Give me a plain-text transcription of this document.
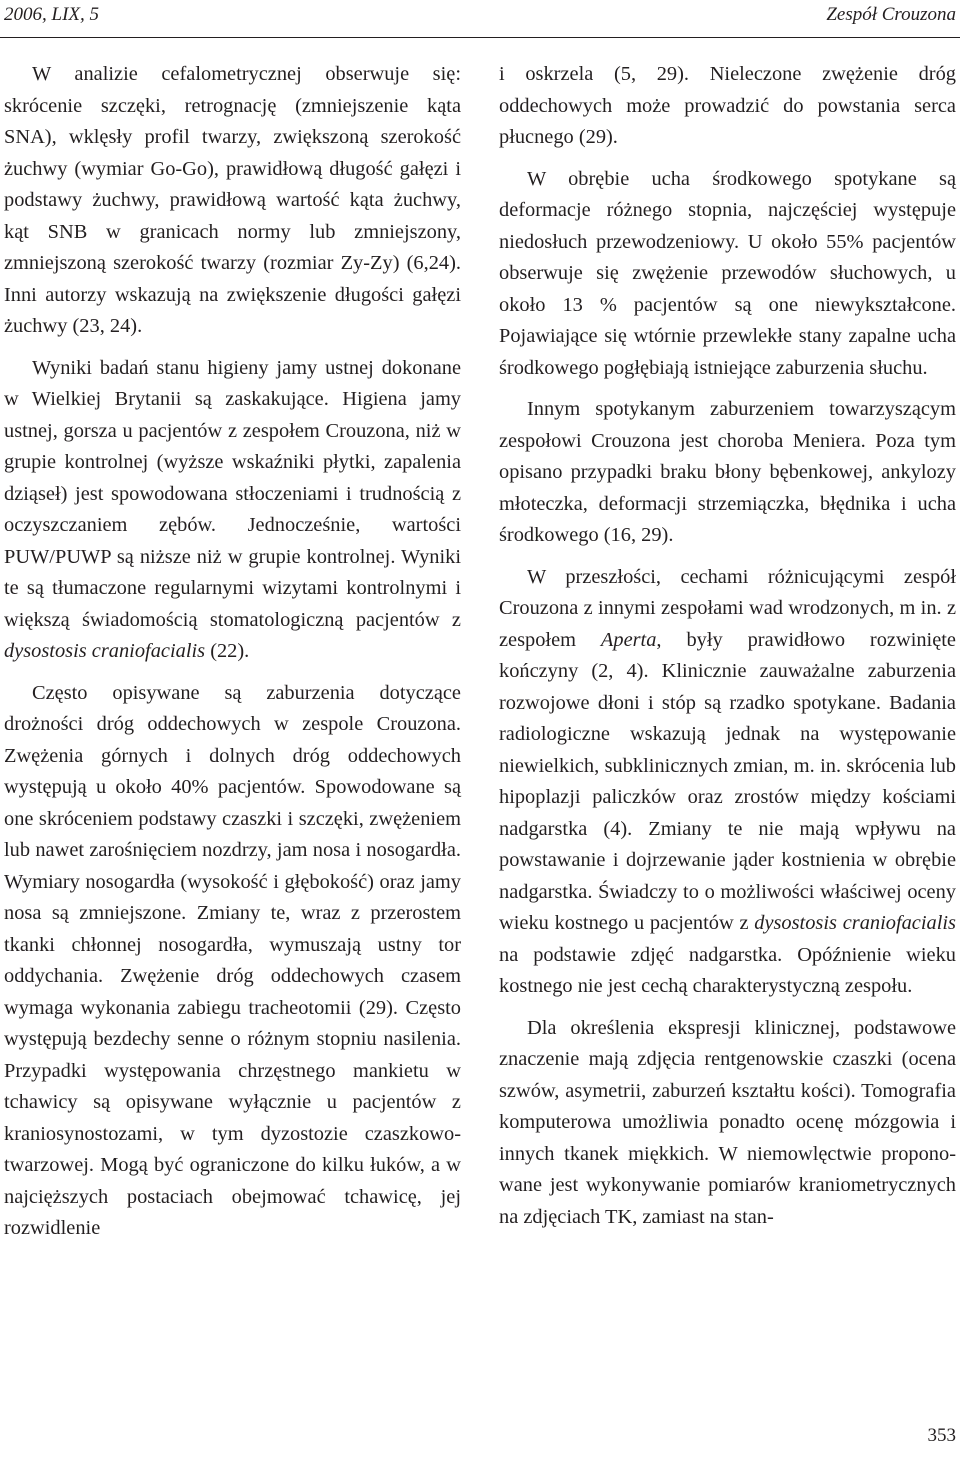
2006, LIX, 5	Zespół Crouzona

W analizie cefalometrycznej obserwuje się: skrócenie szczęki, retrognację (zmniejszenie kąta SNA), wklęsły profil twarzy, zwiększoną szerokość żuchwy (wymiar Go-Go), prawidłową długość gałęzi i podstawy żuchwy, prawidłową wartość kąta żuchwy, kąt SNB w granicach normy lub zmniejszony, zmniejszoną szerokość twarzy (rozmiar Zy-Zy) (6,24). Inni autorzy wskazują na zwiększenie długości gałęzi żuchwy (23, 24).

Wyniki badań stanu higieny jamy ustnej dokonane w Wielkiej Brytanii są zaskakujące. Higiena jamy ustnej, gorsza u pacjentów z zespołem Crouzona, niż w grupie kontrolnej (wyższe wskaźniki płytki, zapalenia dziąseł) jest spowodowana stłoczeniami i trudnością z oczyszczaniem zębów. Jednocześnie, wartości PUW/PUWP są niższe niż w grupie kontrolnej. Wyniki te są tłumaczone regularnymi wizytami kontrolnymi i większą świadomością stomatologiczną pacjentów z dysostosis craniofacialis (22).

Często opisywane są zaburzenia dotyczące drożności dróg oddechowych w zespole Crouzona. Zwężenia górnych i dolnych dróg oddechowych występują u około 40% pacjentów. Spowodowane są one skróceniem podstawy czaszki i szczęki, zwężeniem lub nawet zarośnięciem nozdrzy, jam nosa i nosogardła. Wymiary nosogardła (wysokość i głębokość) oraz jamy nosa są zmniejszone. Zmiany te, wraz z przerostem tkanki chłonnej nosogardła, wymuszają ustny tor oddychania. Zwężenie dróg oddechowych czasem wymaga wykonania zabiegu tracheotomii (29). Często występują bezdechy senne o różnym stopniu nasilenia. Przypadki występowania chrzęstnego mankietu w tchawicy są opisywane wyłącznie u pacjentów z kraniosynostozami, w tym dyzostozie czaszkowo-twarzowej. Mogą być ograniczone do kilku łuków, a w najcięższych postaciach obejmować tchawicę, jej rozwidlenie

i oskrzela (5, 29). Nieleczone zwężenie dróg oddechowych może prowadzić do powstania serca płucnego (29).

W obrębie ucha środkowego spotykane są deformacje różnego stopnia, najczęściej występuje niedosłuch przewodzeniowy. U około 55% pacjentów obserwuje się zwężenie przewodów słuchowych, u około 13 % pacjentów są one niewykształcone. Pojawiające się wtórnie przewlekłe stany zapalne ucha środkowego pogłębiają istniejące zaburzenia słuchu.

Innym spotykanym zaburzeniem towarzyszącym zespołowi Crouzona jest choroba Meniera. Poza tym opisano przypadki braku błony bębenkowej, ankylozy młoteczka, deformacji strzemiączka, błędnika i ucha środkowego (16, 29).

W przeszłości, cechami różnicującymi zespół Crouzona z innymi zespołami wad wrodzonych, m in. z zespołem Aperta, były prawidłowo rozwinięte kończyny (2, 4). Klinicznie zauważalne zaburzenia rozwojowe dłoni i stóp są rzadko spotykane. Badania radiologiczne wskazują jednak na występowanie niewielkich, subklinicznych zmian, m. in. skrócenia lub hipoplazji paliczków oraz zrostów między kościami nadgarstka (4). Zmiany te nie mają wpływu na powstawanie i dojrzewanie jąder kostnienia w obrębie nadgarstka. Świadczy to o możliwości właściwej oceny wieku kostnego u pacjentów z dysostosis craniofacialis na podstawie zdjęć nadgarstka. Opóźnienie wieku kostnego nie jest cechą charakterystyczną zespołu.

Dla określenia ekspresji klinicznej, podstawowe znaczenie mają zdjęcia rentgenowskie czaszki (ocena szwów, asymetrii, zaburzeń kształtu kości). Tomografia komputerowa umożliwia ponadto ocenę mózgowia i innych tkanek miękkich. W niemowlęctwie proponowane jest wykonywanie pomiarów kraniometrycznych na zdjęciach TK, zamiast na stan-

353
